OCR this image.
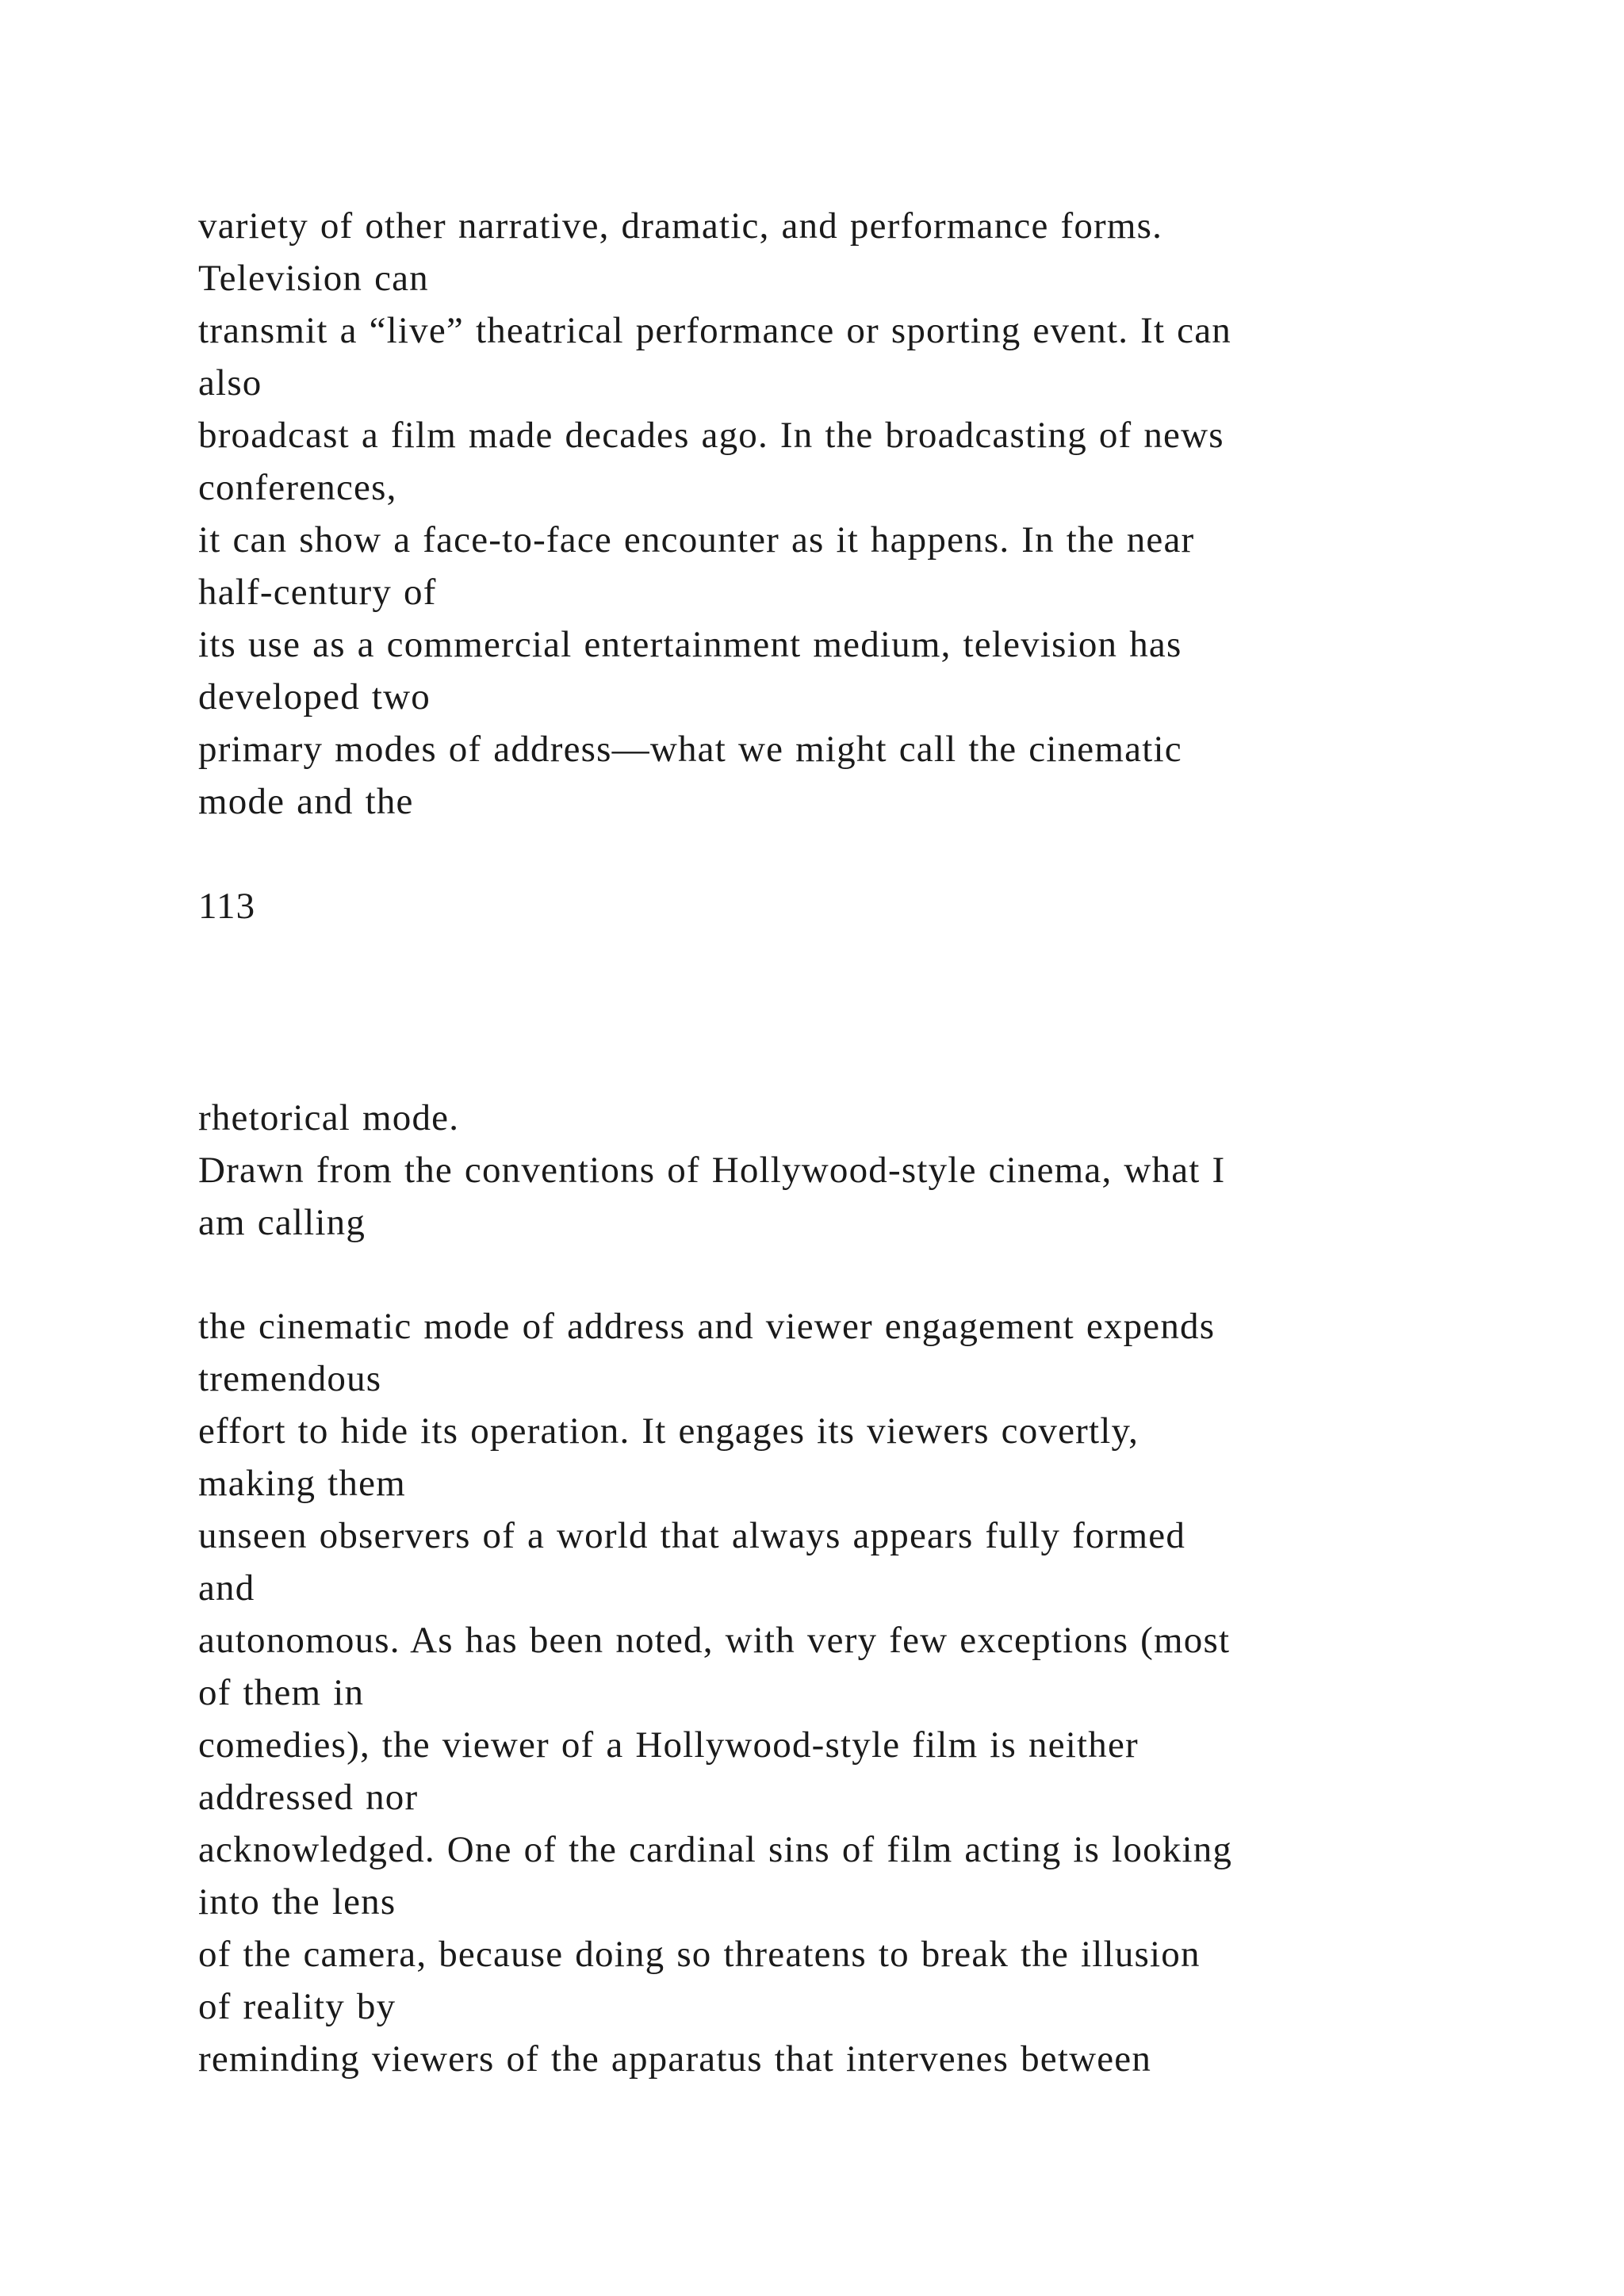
variety of other narrative, dramatic, and performance forms.
Television can
transmit a “live” theatrical performance or sporting event. It can
also
broadcast a film made decades ago. In the broadcasting of news
conferences,
it can show a face-to-face encounter as it happens. In the near
half-century of
its use as a commercial entertainment medium, television has
developed two
primary modes of address—what we might call the cinematic
mode and the
113
rhetorical mode.
Drawn from the conventions of Hollywood-style cinema, what I
am calling
the cinematic mode of address and viewer engagement expends
tremendous
effort to hide its operation. It engages its viewers covertly,
making them
unseen observers of a world that always appears fully formed
and
autonomous. As has been noted, with very few exceptions (most
of them in
comedies), the viewer of a Hollywood-style film is neither
addressed nor
acknowledged. One of the cardinal sins of film acting is looking
into the lens
of the camera, because doing so threatens to break the illusion
of reality by
reminding viewers of the apparatus that intervenes between
